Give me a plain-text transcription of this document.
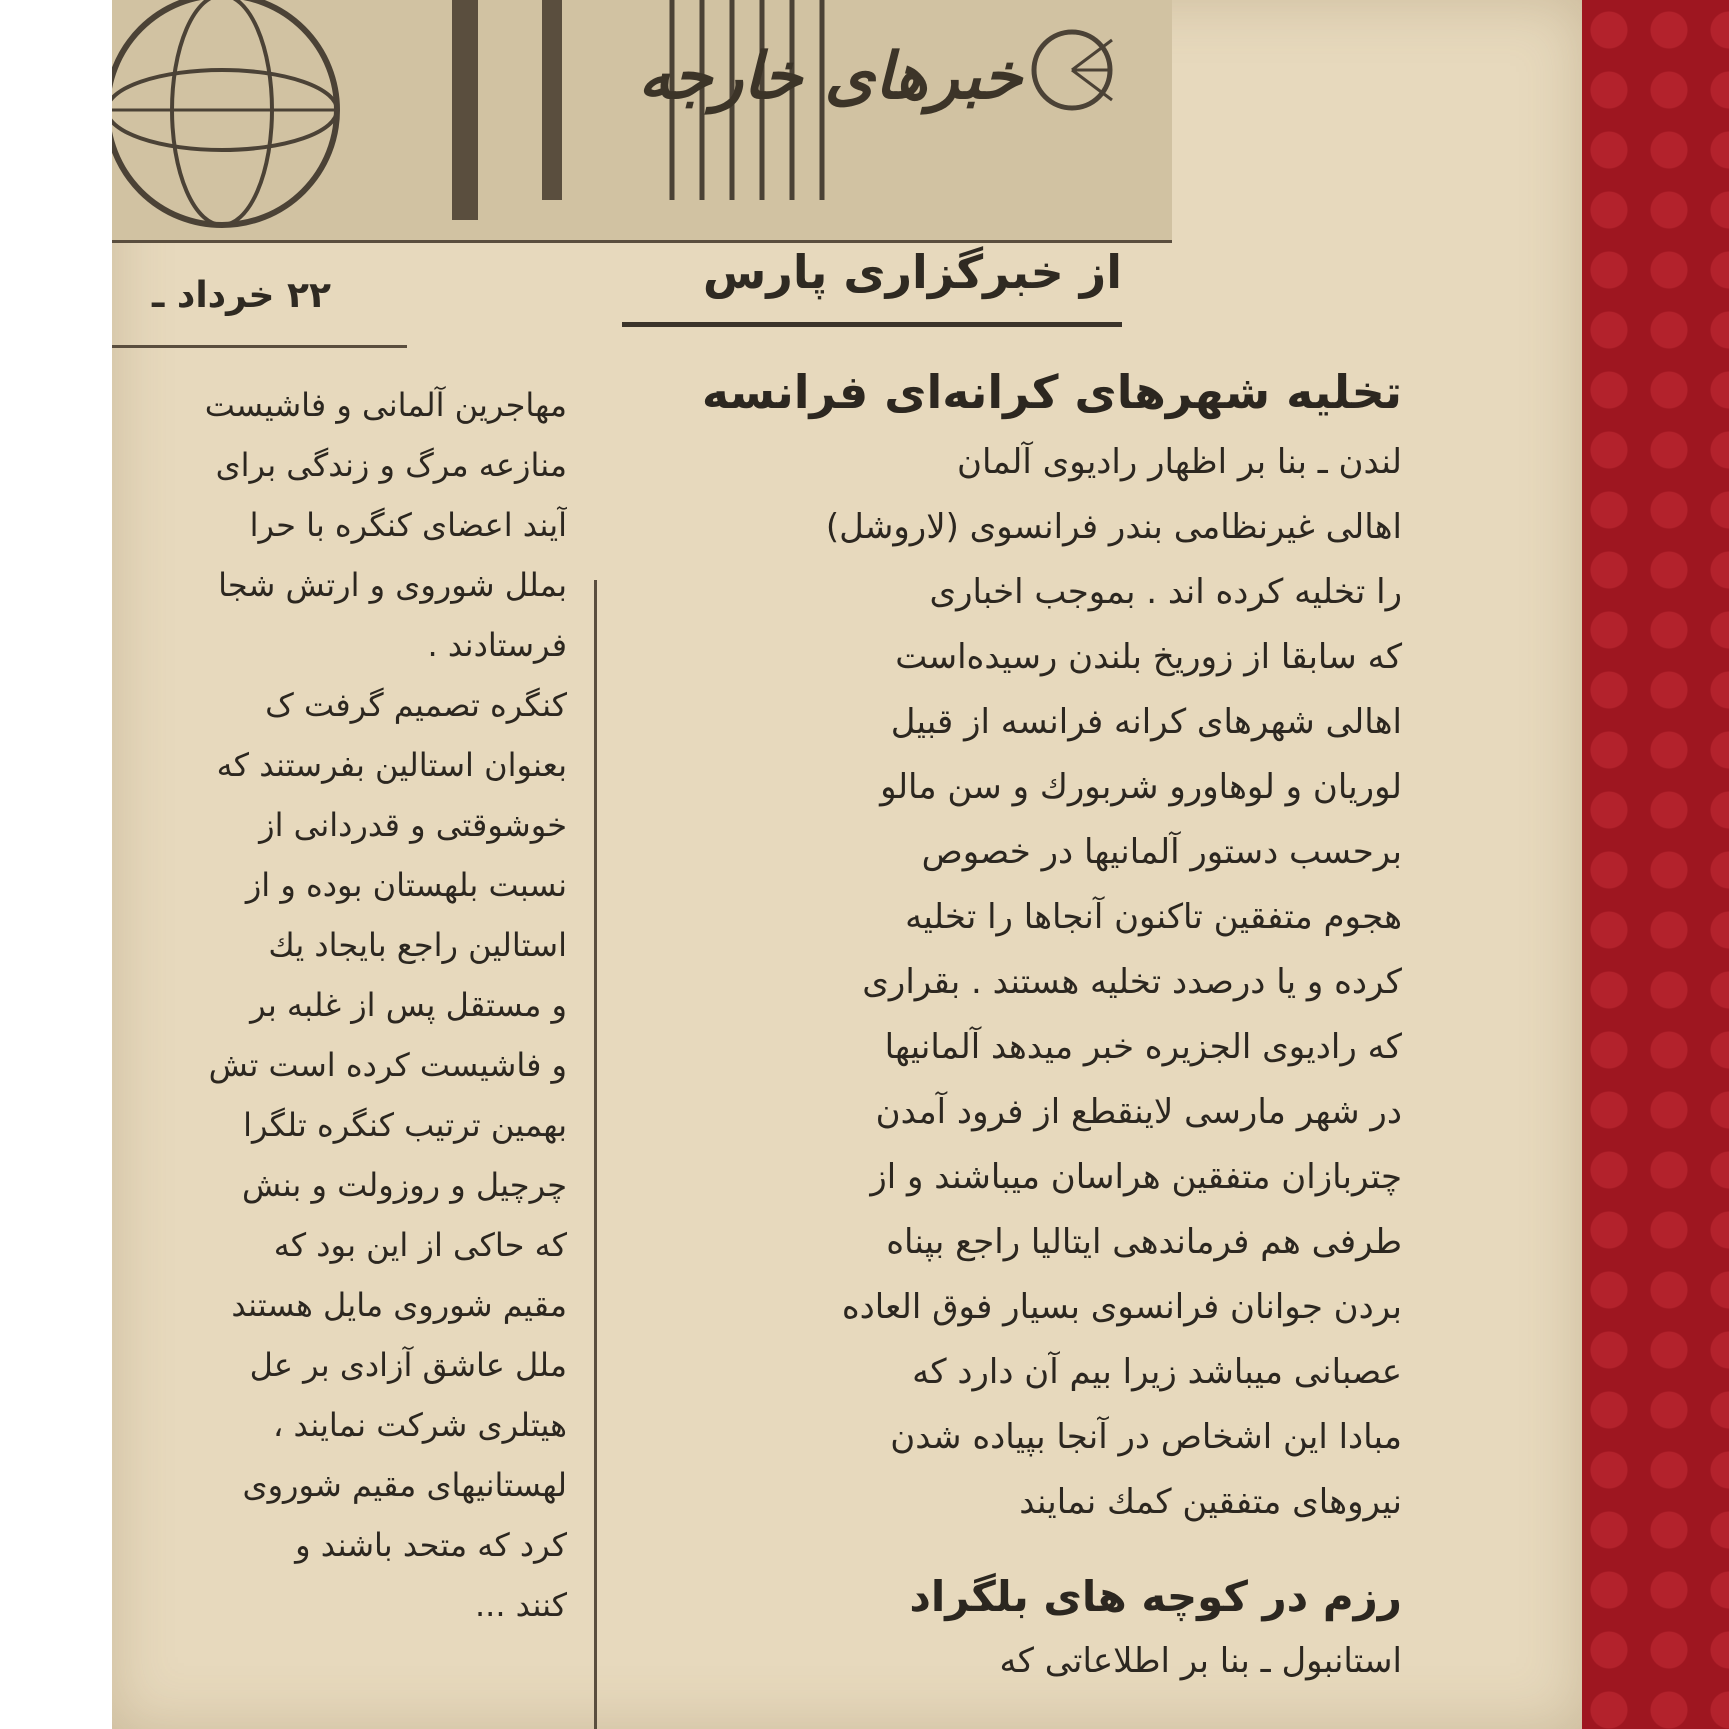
خبرهای خارجه
از خبرگزاری پارس
۲۲ خرداد ـ
تخلیه شهرهای کرانه‌ای فرانسه
لندن ـ بنا بر اظهار رادیوی آلمان
اهالی غیرنظامی بندر فرانسوی (لاروشل)
را تخلیه کرده اند . بموجب اخباری
که سابقا از زوریخ بلندن رسیده‌است
اهالی شهرهای کرانه فرانسه از قبیل
لوریان و لوهاورو شربورك و سن مالو
برحسب دستور آلمانیها در خصوص
هجوم متفقین تاکنون آنجاها را تخلیه
کرده و یا درصدد تخلیه هستند . بقراری
که رادیوی الجزیره خبر میدهد آلمانیها
در شهر مارسی لاینقطع از فرود آمدن
چتربازان متفقین هراسان میباشند و از
طرفی هم فرماندهی ایتالیا راجع بپناه
بردن جوانان فرانسوی بسیار فوق العاده
عصبانی میباشد زیرا بیم آن دارد که
مبادا این اشخاص در آنجا بپیاده شدن
نیروهای متفقین کمك نمایند
رزم در کوچه های بلگراد
استانبول ـ بنا بر اطلاعاتی که
مهاجرین آلمانی و فاشیست
منازعه مرگ و زندگی برای
آیند اعضای کنگره با حرا
بملل شوروی و ارتش شجا
فرستادند .
کنگره تصمیم گرفت ک
بعنوان استالین بفرستند که
خوشوقتی و قدردانی از
نسبت بلهستان بوده و از
استالین راجع بایجاد یك
و مستقل پس از غلبه بر
و فاشیست کرده است تش
بهمین ترتیب کنگره تلگرا
چرچیل و روزولت و بنش
که حاکی از این بود که
مقیم شوروی مایل هستند
ملل عاشق آزادی بر عل
هیتلری شرکت نمایند ،
لهستانیهای مقیم شوروی
کرد که متحد باشند و
کنند ...
